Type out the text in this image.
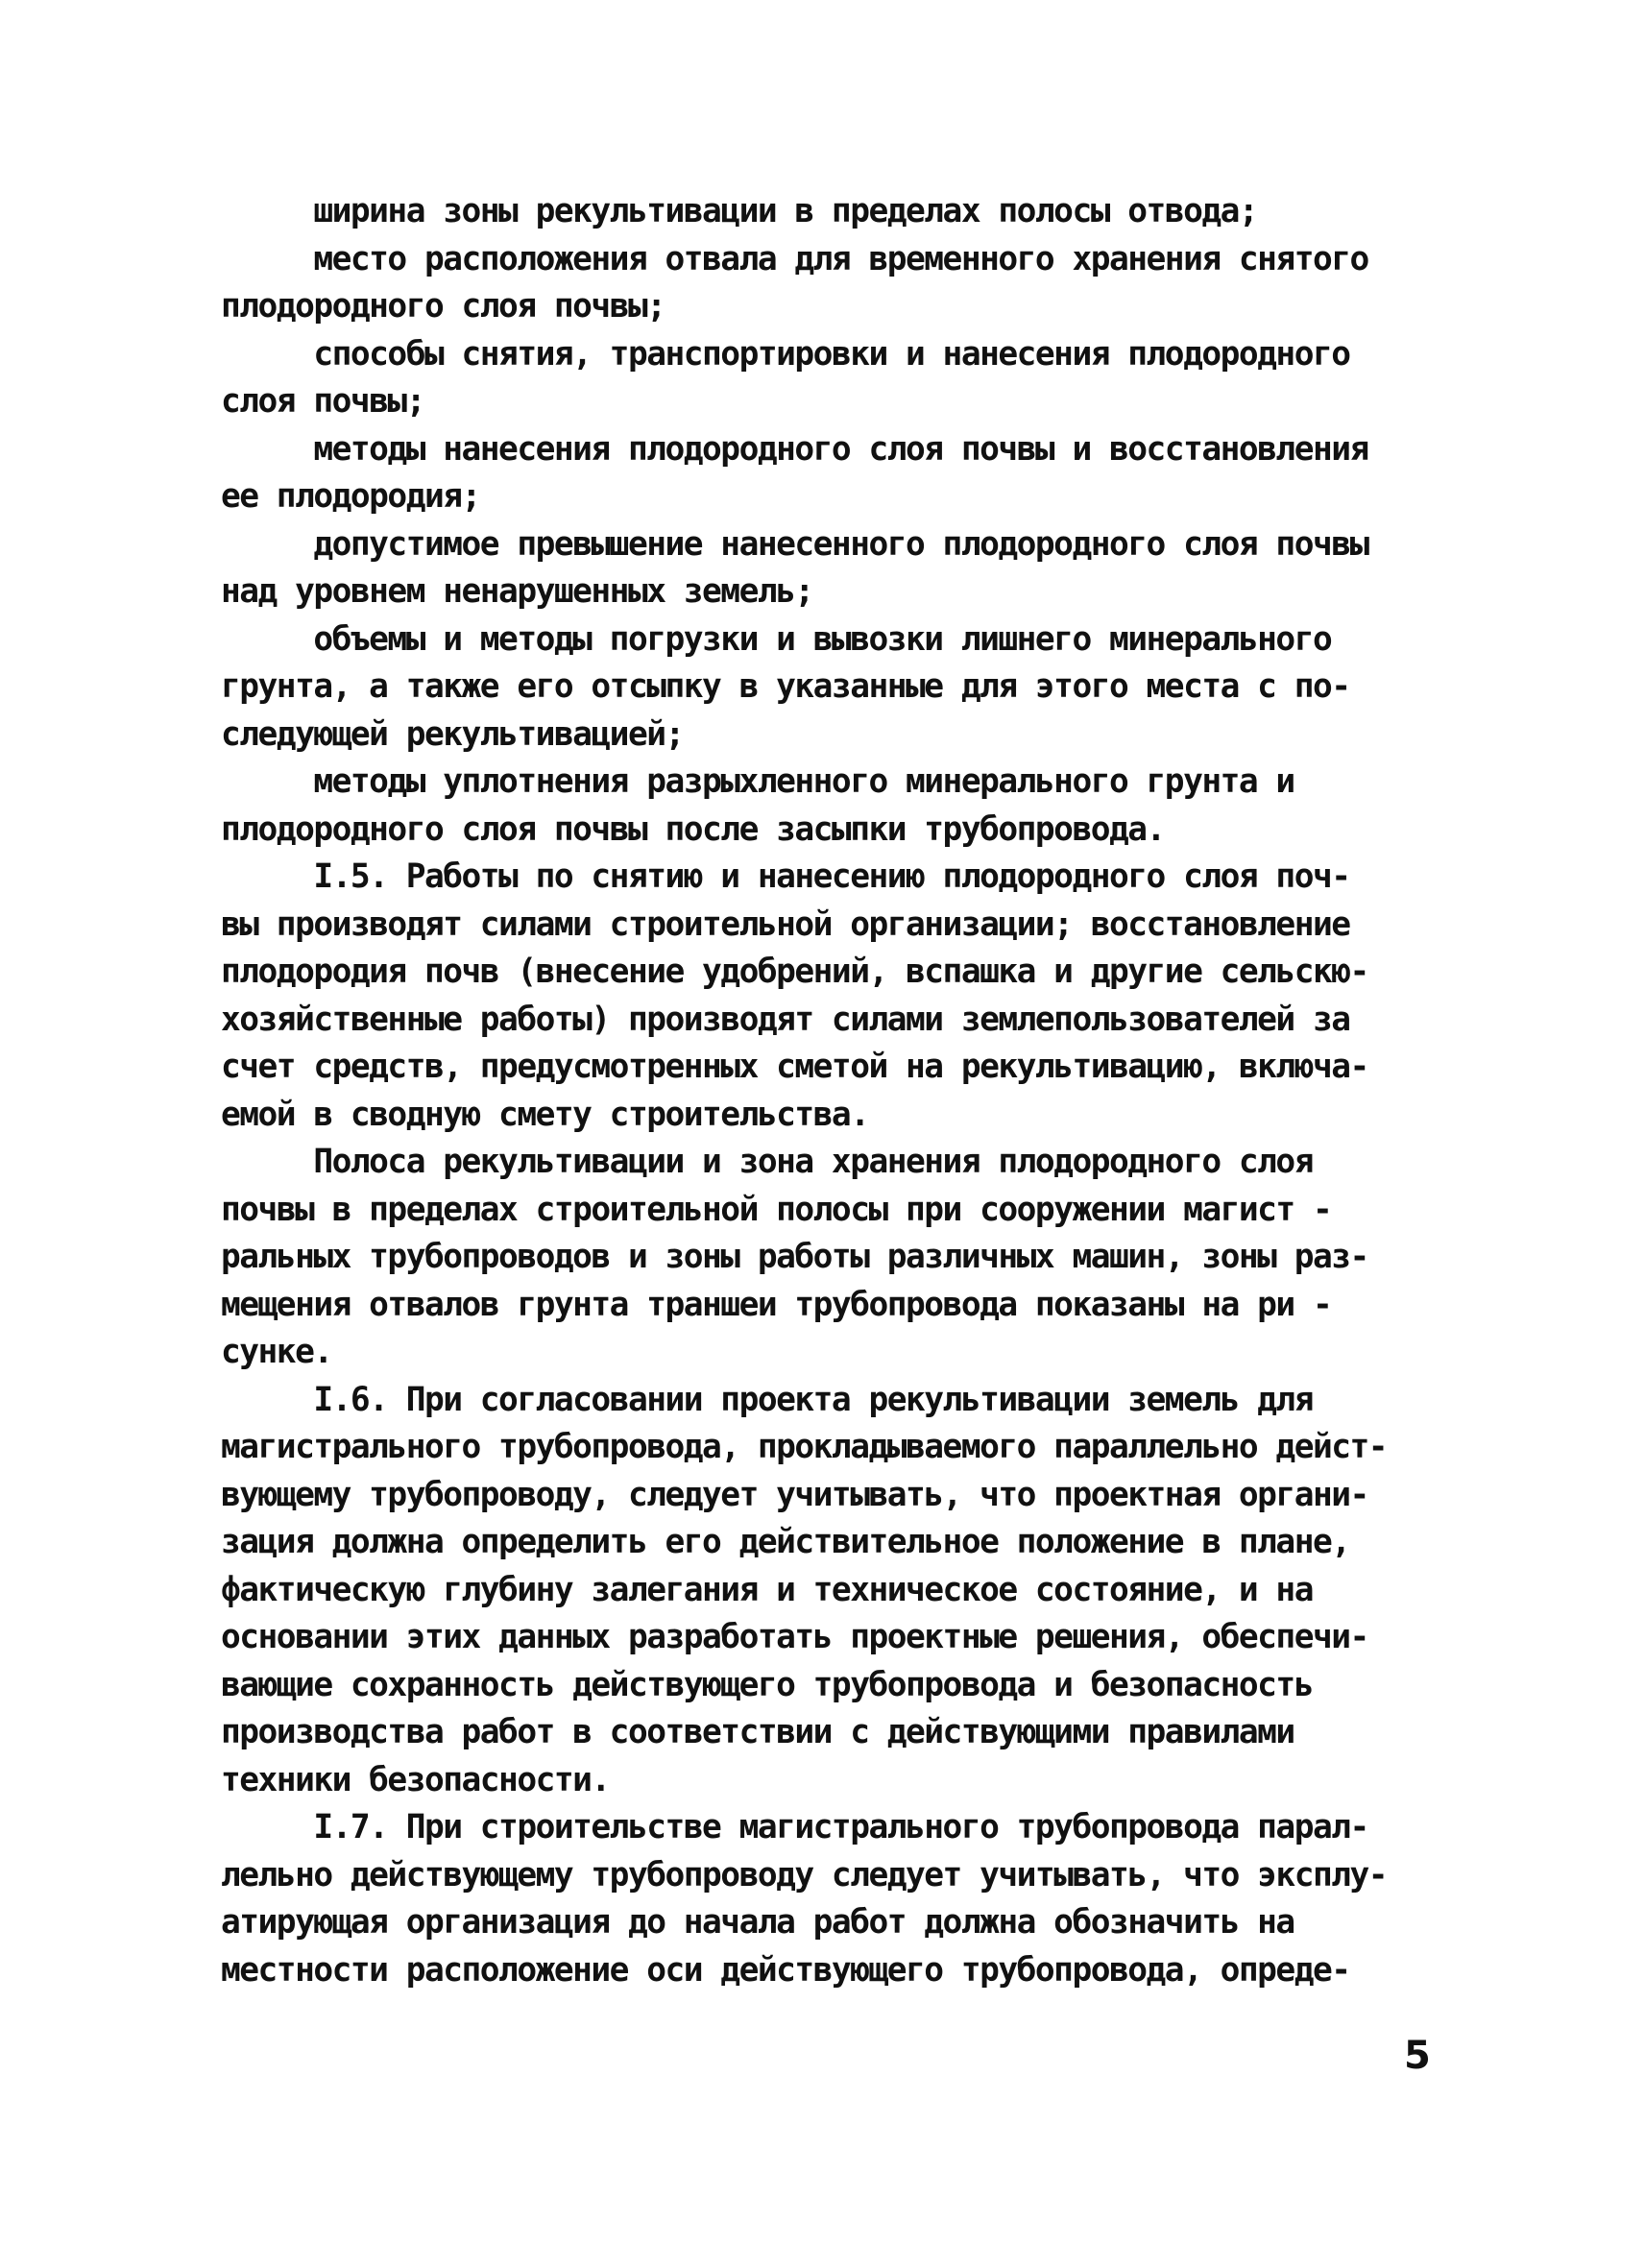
ширина зоны рекультивации в пределах полосы отвода;
место расположения отвала для временного хранения снятого
плодородного слоя почвы;
способы снятия, транспортировки и нанесения плодородного
слоя почвы;
методы нанесения плодородного слоя почвы и восстановления
ее плодородия;
допустимое превышение нанесенного плодородного слоя почвы
над уровнем ненарушенных земель;
объемы и методы погрузки и вывозки лишнего минерального
грунта, а также его отсыпку в указанные для этого места с по-
следующей рекультивацией;
методы уплотнения разрыхленного минерального грунта и
плодородного слоя почвы после засыпки трубопровода.
I.5. Работы по снятию и нанесению плодородного слоя поч-
вы производят силами строительной организации; восстановление
плодородия почв (внесение удобрений, вспашка и другие сельскю-
хозяйственные работы) производят силами землепользователей за
счет средств, предусмотренных сметой на рекультивацию, включа-
емой в сводную смету строительства.
Полоса рекультивации и зона хранения плодородного слоя
почвы в пределах строительной полосы при сооружении магист -
ральных трубопроводов и зоны работы различных машин, зоны раз-
мещения отвалов грунта траншеи трубопровода показаны на ри -
сунке.
I.6. При согласовании проекта рекультивации земель для
магистрального трубопровода, прокладываемого параллельно дейст-
вующему трубопроводу, следует учитывать, что проектная органи-
зация должна определить его действительное положение в плане,
фактическую глубину залегания и техническое состояние, и на
основании этих данных разработать проектные решения, обеспечи-
вающие сохранность действующего трубопровода и безопасность
производства работ в соответствии с действующими правилами
техники безопасности.
I.7. При строительстве магистрального трубопровода парал-
лельно действующему трубопроводу следует учитывать, что эксплу-
атирующая организация до начала работ должна обозначить на
местности расположение оси действующего трубопровода, опреде-
5
